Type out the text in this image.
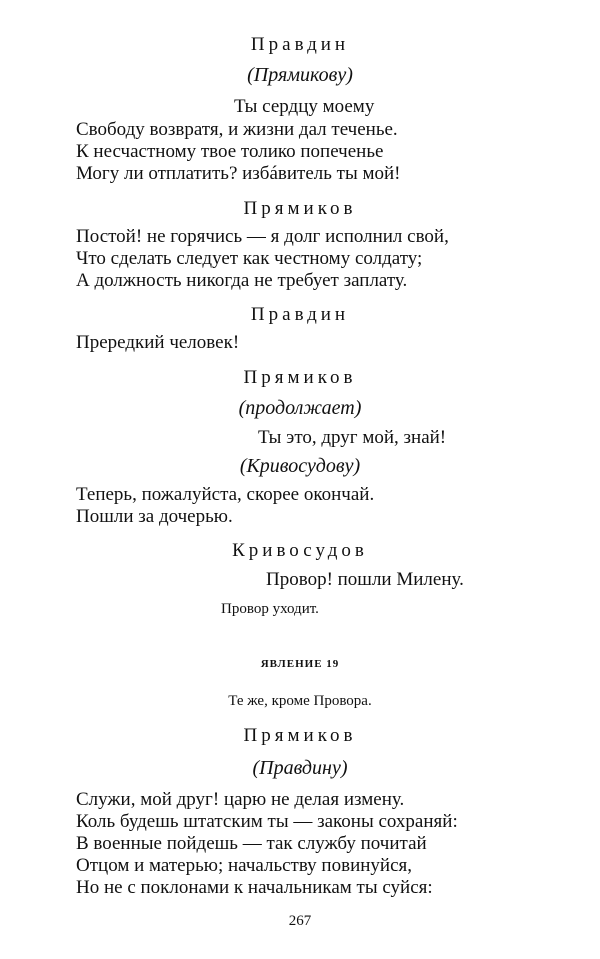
Правдин
(Прямикову)
Ты сердцу моему
Свободу возвратя, и жизни дал теченье.
К несчастному твое толико попеченье
Могу ли отплатить? избáвитель ты мой!
Прямиков
Постой! не горячись — я долг исполнил свой,
Что сделать следует как честному солдату;
А должность никогда не требует заплату.
Правдин
Прередкий человек!
Прямиков
(продолжает)
Ты это, друг мой, знай!
(Кривосудову)
Теперь, пожалуйста, скорее окончай.
Пошли за дочерью.
Кривосудов
Провор! пошли Милену.
Провор уходит.
ЯВЛЕНИЕ 19
Те же, кроме Провора.
Прямиков
(Правдину)
Служи, мой друг! царю не делая измену.
Коль будешь штатским ты — законы сохраняй:
В военные пойдешь — так службу почитай
Отцом и матерью; начальству повинуйся,
Но не с поклонами к начальникам ты суйся:
267
